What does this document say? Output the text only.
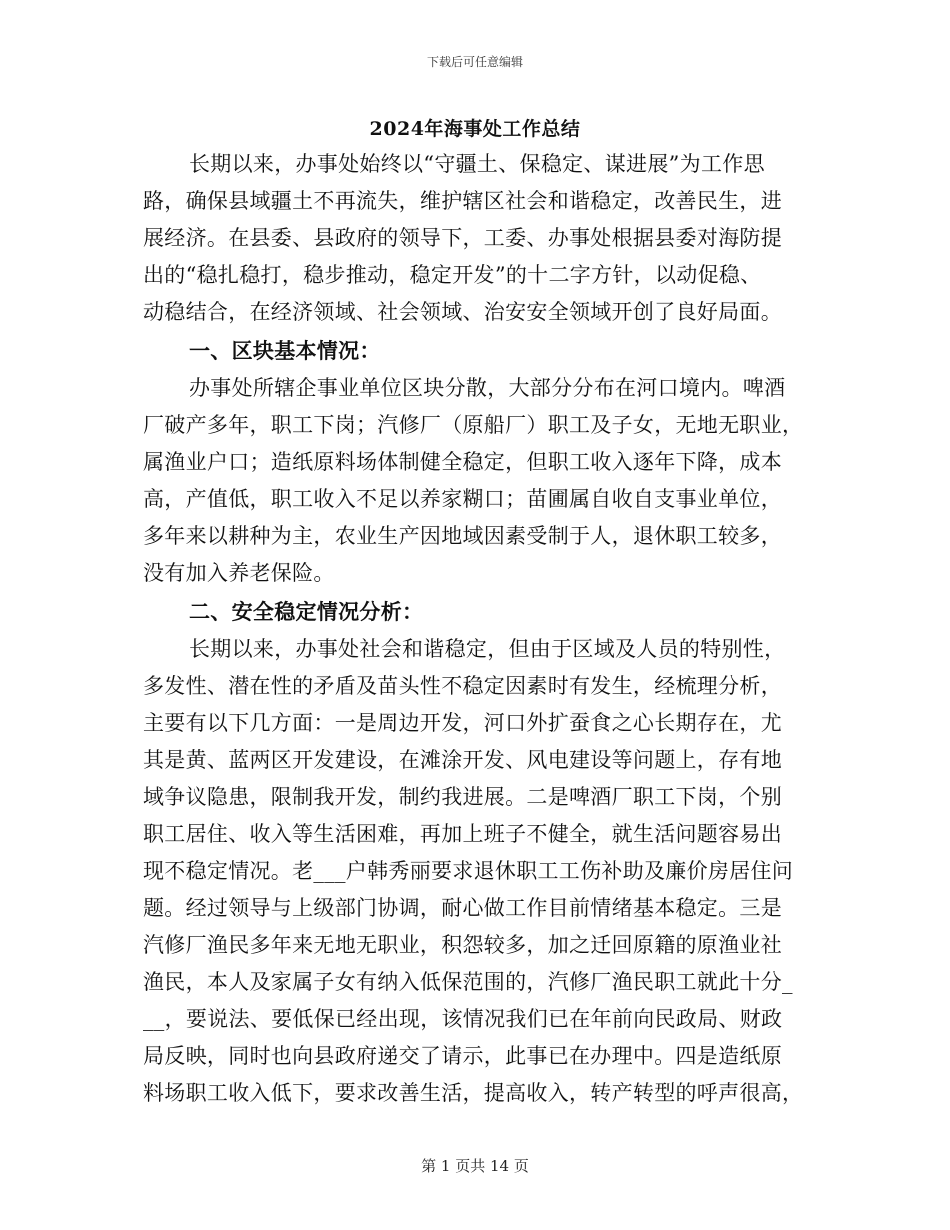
下载后可任意编辑
2024年海事处工作总结
长期以来，办事处始终以“守疆土、保稳定、谋进展”为工作思
路，确保县域疆土不再流失，维护辖区社会和谐稳定，改善民生，进
展经济。在县委、县政府的领导下，工委、办事处根据县委对海防提
出的“稳扎稳打，稳步推动，稳定开发”的十二字方针，以动促稳、
动稳结合，在经济领域、社会领域、治安安全领域开创了良好局面。
一、区块基本情况：
办事处所辖企事业单位区块分散，大部分分布在河口境内。啤酒
厂破产多年，职工下岗；汽修厂（原船厂）职工及子女，无地无职业，
属渔业户口；造纸原料场体制健全稳定，但职工收入逐年下降，成本
高，产值低，职工收入不足以养家糊口；苗圃属自收自支事业单位，
多年来以耕种为主，农业生产因地域因素受制于人，退休职工较多，
没有加入养老保险。
二、安全稳定情况分析：
长期以来，办事处社会和谐稳定，但由于区域及人员的特别性，
多发性、潜在性的矛盾及苗头性不稳定因素时有发生，经梳理分析，
主要有以下几方面：一是周边开发，河口外扩蚕食之心长期存在，尤
其是黄、蓝两区开发建设，在滩涂开发、风电建设等问题上，存有地
域争议隐患，限制我开发，制约我进展。二是啤酒厂职工下岗，个别
职工居住、收入等生活困难，再加上班子不健全，就生活问题容易出
现不稳定情况。老___户韩秀丽要求退休职工工伤补助及廉价房居住问
题。经过领导与上级部门协调，耐心做工作目前情绪基本稳定。三是
汽修厂渔民多年来无地无职业，积怨较多，加之迁回原籍的原渔业社
渔民，本人及家属子女有纳入低保范围的，汽修厂渔民职工就此十分_
__，要说法、要低保已经出现，该情况我们已在年前向民政局、财政
局反映，同时也向县政府递交了请示，此事已在办理中。四是造纸原
料场职工收入低下，要求改善生活，提高收入，转产转型的呼声很高，
第 1 页共 14 页
